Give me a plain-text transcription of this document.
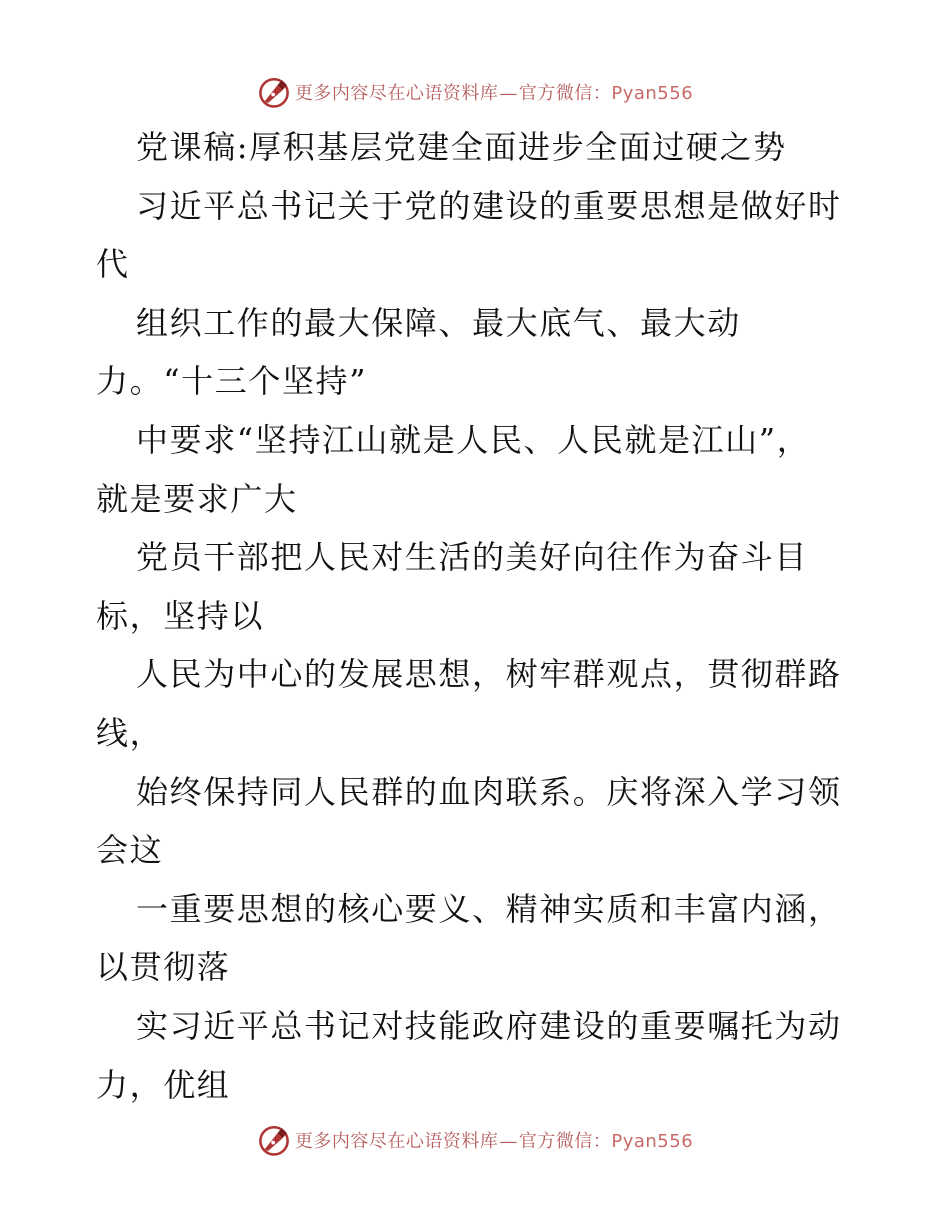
更多内容尽在心语资料库—官方微信：Pyan556
党课稿:厚积基层党建全面进步全面过硬之势
习近平总书记关于党的建设的重要思想是做好时
代
组织工作的最大保障、最大底气、最大动
力。“十三个坚持”
中要求“坚持江山就是人民、人民就是江山”，
就是要求广大
党员干部把人民对生活的美好向往作为奋斗目
标，坚持以
人民为中心的发展思想，树牢群观点，贯彻群路
线，
始终保持同人民群的血肉联系。庆将深入学习领
会这
一重要思想的核心要义、精神实质和丰富内涵，
以贯彻落
实习近平总书记对技能政府建设的重要嘱托为动
力，优组
更多内容尽在心语资料库—官方微信：Pyan556
